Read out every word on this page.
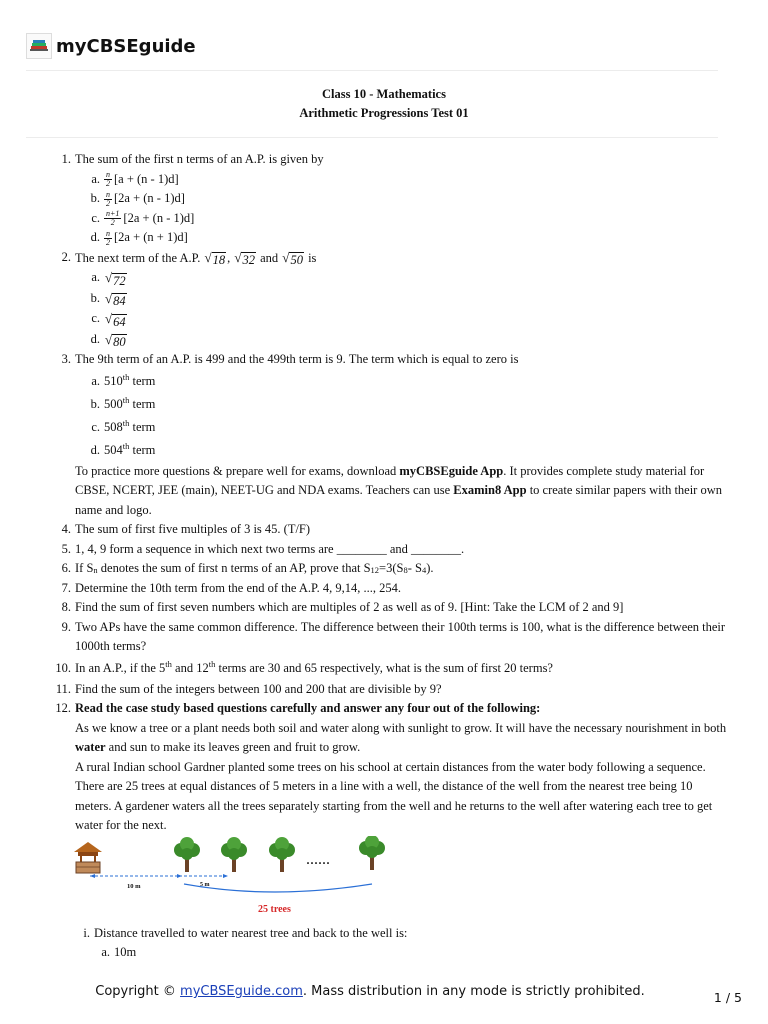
myCBSEguide
Class 10 - Mathematics
Arithmetic Progressions Test 01
1. The sum of the first n terms of an A.P. is given by
a. $\frac{n}{2} [a + (n - 1)d]$
b. $\frac{n}{2} [2a + (n - 1)d]$
c. $\frac{n+1}{2} [2a + (n - 1)d]$
d. $\frac{n}{2} [2a + (n + 1)d]$
2. The next term of the A.P. √ 18 , √ 32 and √ 50 is
a. √ 72
b. √ 84
c. √ 64
d. √ 80
3. The 9th term of an A.P. is 499 and the 499th term is 9. The term which is equal to zero is
a. 510th term
b. 500th term
c. 508th term
d. 504th term
To practice more questions & prepare well for exams, download myCBSEguide App. It provides complete study material for CBSE, NCERT, JEE (main), NEET-UG and NDA exams. Teachers can use Examin8 App to create similar papers with their own name and logo.
4. The sum of first five multiples of 3 is 45. (T/F)
5. 1, 4, 9 form a sequence in which next two terms are ________ and ________.
6. If $S_n$ denotes the sum of first n terms of an AP, prove that $S_{12}=3(S_8-$ $S_4$).
7. Determine the 10th term from the end of the A.P. 4, 9,14, ..., 254.
8. Find the sum of first seven numbers which are multiples of 2 as well as of 9. [Hint: Take the LCM of 2 and 9]
9. Two APs have the same common difference. The difference between their 100th terms is 100, what is the difference between their 1000th terms?
10. In an A.P., if the 5th and 12th terms are 30 and 65 respectively, what is the sum of first 20 terms?
11. Find the sum of the integers between 100 and 200 that are divisible by 9?
12. Read the case study based questions carefully and answer any four out of the following:
As we know a tree or a plant needs both soil and water along with sunlight to grow. It will have the necessary nourishment in both water and sun to make its leaves green and fruit to grow.
A rural Indian school Gardner planted some trees on his school at certain distances from the water body following a sequence. There are 25 trees at equal distances of 5 meters in a line with a well, the distance of the well from the nearest tree being 10 meters. A gardener waters all the trees separately starting from the well and he returns to the well after watering each tree to get water for the next.
......
10 m	5 m
25 trees
i. Distance travelled to water nearest tree and back to the well is:
a. 10m
Copyright © myCBSEguide.com. Mass distribution in any mode is strictly prohibited.	1 / 5
